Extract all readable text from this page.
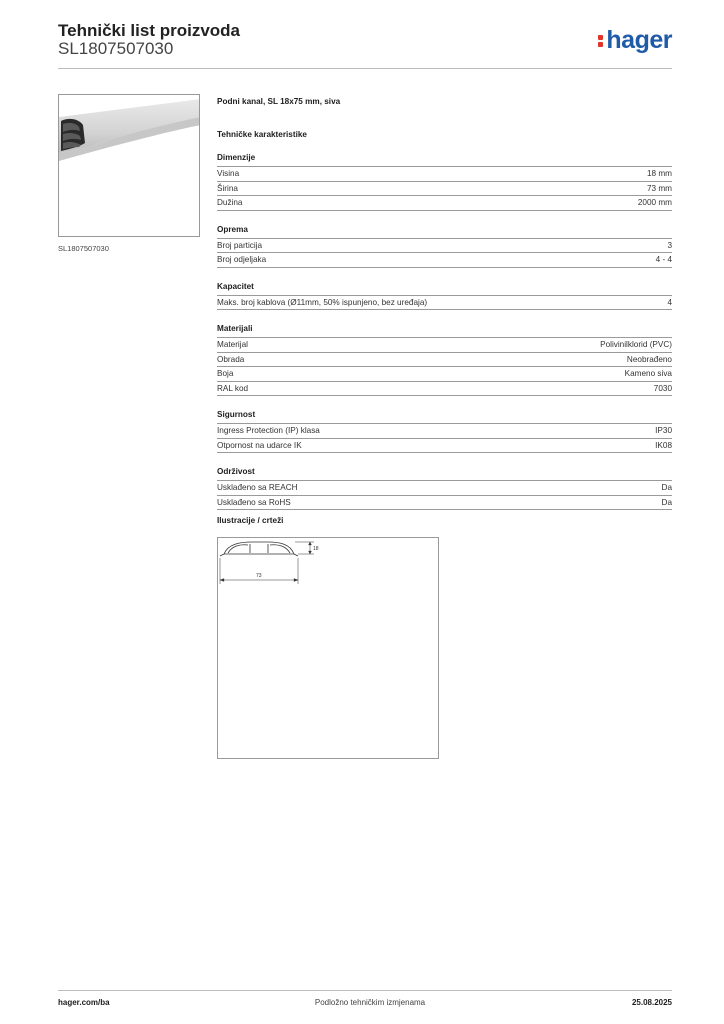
Tehnički list proizvoda
SL1807507030	hager
SL1807507030
Podni kanal, SL 18x75 mm, siva
Tehničke karakteristike
Dimenzije
Visina	18 mm
Širina	73 mm
Dužina	2000 mm
Oprema
Broj particija	3
Broj odjeljaka	4 - 4
Kapacitet
Maks. broj kablova (Ø11mm, 50% ispunjeno, bez uređaja)	4
Materijali
Materijal	Polivinilklorid (PVC)
Obrada	Neobrađeno
Boja	Kameno siva
RAL kod	7030
Sigurnost
Ingress Protection (IP) klasa	IP30
Otpornost na udarce IK	IK08
Održivost
Usklađeno sa REACH	Da
Usklađeno sa RoHS	Da
Ilustracije / crteži
73
18
hager.com/ba	Podložno tehničkim izmjenama	25.08.2025
